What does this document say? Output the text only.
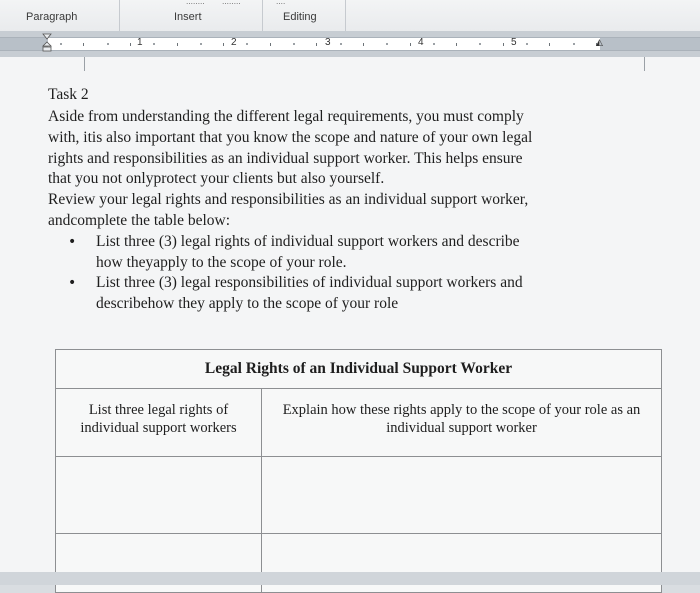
‥‥‥‥ ‥‥‥‥	‥‥
Paragraph	Insert	Editing
1	2	3	4	5	◭

Task 2

Aside from understanding the different legal requirements, you must comply

with, itis also important that you know the scope and nature of your own legal

rights and responsibilities as an individual support worker. This helps ensure

that you not onlyprotect your clients but also yourself.

Review your legal rights and responsibilities as an individual support worker,

andcomplete the table below:

• List three (3) legal rights of individual support workers and describe
how theyapply to the scope of your role.
• List three (3) legal responsibilities of individual support workers and
describehow they apply to the scope of your role
Legal Rights of an Individual Support Worker	
List three legal rights of
individual support workers	Explain how these rights apply to the scope of your role as an
individual support worker
